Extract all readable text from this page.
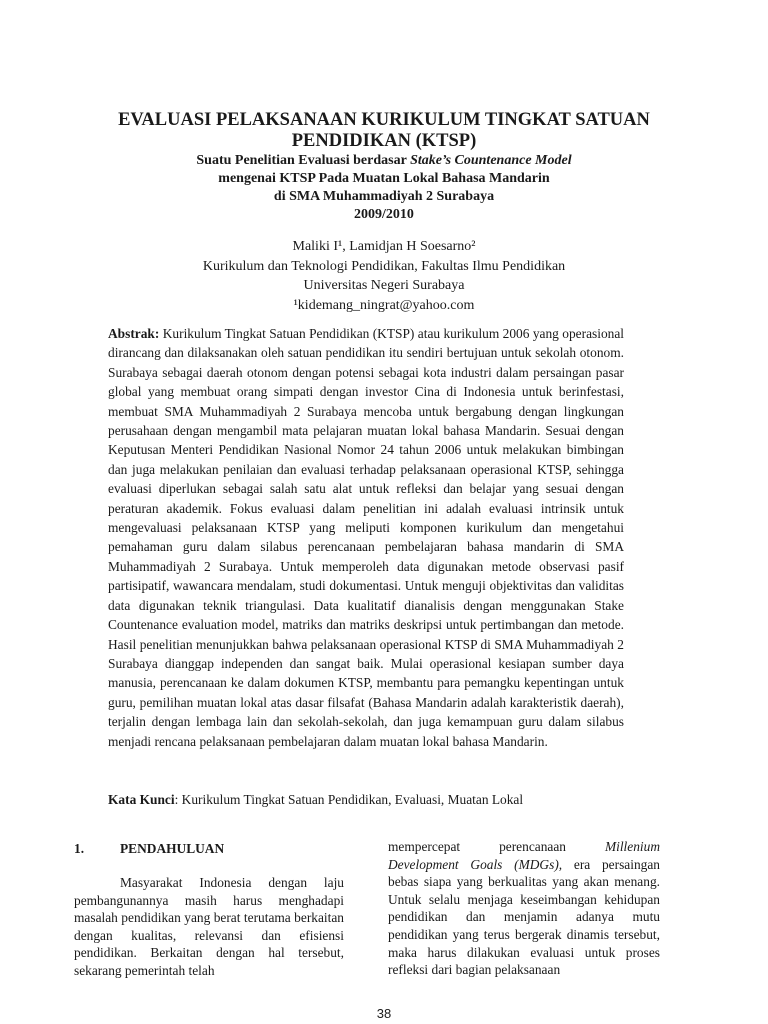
EVALUASI PELAKSANAAN KURIKULUM TINGKAT SATUAN
PENDIDIKAN (KTSP)
Suatu Penelitian Evaluasi berdasar Stake’s Countenance Model
mengenai KTSP Pada Muatan Lokal Bahasa Mandarin
di SMA Muhammadiyah 2 Surabaya
2009/2010
Maliki I¹, Lamidjan H Soesarno²
Kurikulum dan Teknologi Pendidikan, Fakultas Ilmu Pendidikan
Universitas Negeri Surabaya
¹kidemang_ningrat@yahoo.com

Abstrak: Kurikulum Tingkat Satuan Pendidikan (KTSP) atau kurikulum 2006 yang operasional dirancang dan dilaksanakan oleh satuan pendidikan itu sendiri bertujuan untuk sekolah otonom. Surabaya sebagai daerah otonom dengan potensi sebagai kota industri dalam persaingan pasar global yang membuat orang simpati dengan investor Cina di Indonesia untuk berinfestasi, membuat SMA Muhammadiyah 2 Surabaya mencoba untuk bergabung dengan lingkungan perusahaan dengan mengambil mata pelajaran muatan lokal bahasa Mandarin. Sesuai dengan Keputusan Menteri Pendidikan Nasional Nomor 24 tahun 2006 untuk melakukan bimbingan dan juga melakukan penilaian dan evaluasi terhadap pelaksanaan operasional KTSP, sehingga evaluasi diperlukan sebagai salah satu alat untuk refleksi dan belajar yang sesuai dengan peraturan akademik. Fokus evaluasi dalam penelitian ini adalah evaluasi intrinsik untuk mengevaluasi pelaksanaan KTSP yang meliputi komponen kurikulum dan mengetahui pemahaman guru dalam silabus perencanaan pembelajaran bahasa mandarin di SMA Muhammadiyah 2 Surabaya. Untuk memperoleh data digunakan metode observasi pasif partisipatif, wawancara mendalam, studi dokumentasi. Untuk menguji objektivitas dan validitas data digunakan teknik triangulasi. Data kualitatif dianalisis dengan menggunakan Stake Countenance evaluation model, matriks dan matriks deskripsi untuk pertimbangan dan metode. Hasil penelitian menunjukkan bahwa pelaksanaan operasional KTSP di SMA Muhammadiyah 2 Surabaya dianggap independen dan sangat baik. Mulai operasional kesiapan sumber daya manusia, perencanaan ke dalam dokumen KTSP, membantu para pemangku kepentingan untuk guru, pemilihan muatan lokal atas dasar filsafat (Bahasa Mandarin adalah karakteristik daerah), terjalin dengan lembaga lain dan sekolah-sekolah, dan juga kemampuan guru dalam silabus menjadi rencana pelaksanaan pembelajaran dalam muatan lokal bahasa Mandarin.

Kata Kunci: Kurikulum Tingkat Satuan Pendidikan, Evaluasi, Muatan Lokal

1.	PENDAHULUAN

Masyarakat Indonesia dengan laju pembangunannya masih harus menghadapi masalah pendidikan yang berat terutama berkaitan dengan kualitas, relevansi dan efisiensi pendidikan. Berkaitan dengan hal tersebut, sekarang pemerintah telah

mempercepat perencanaan Millenium Development Goals (MDGs), era persaingan bebas siapa yang berkualitas yang akan menang. Untuk selalu menjaga keseimbangan kehidupan pendidikan dan menjamin adanya mutu pendidikan yang terus bergerak dinamis tersebut, maka harus dilakukan evaluasi untuk proses refleksi dari bagian pelaksanaan

38
